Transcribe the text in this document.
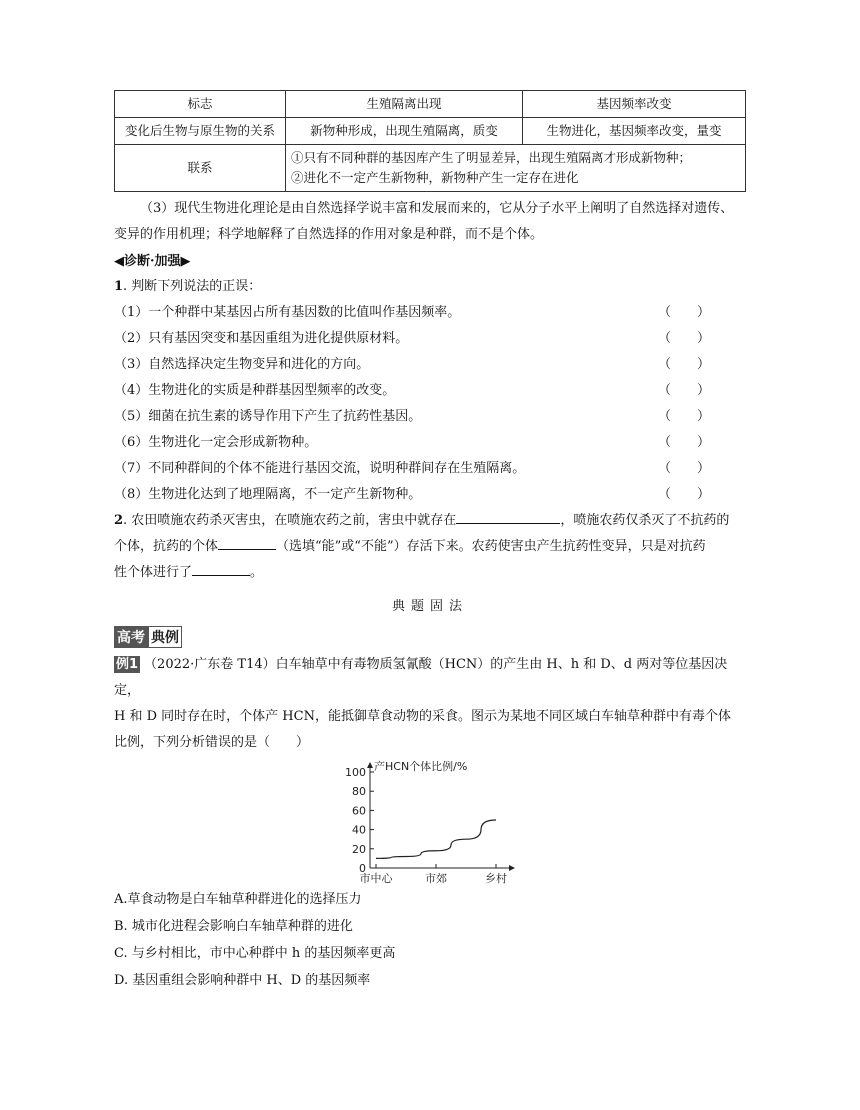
标志	生殖隔离出现	基因频率改变
变化后生物与原生物的关系	新物种形成，出现生殖隔离，质变	生物进化，基因频率改变，量变
联系	①只有不同种群的基因库产生了明显差异，出现生殖隔离才形成新物种；
②进化不一定产生新物种，新物种产生一定存在进化	

（3）现代生物进化理论是由自然选择学说丰富和发展而来的，它从分子水平上阐明了自然选择对遗传、变异的作用机理；科学地解释了自然选择的作用对象是种群，而不是个体。

◀诊断·加强▶

1. 判断下列说法的正误：

（1）一个种群中某基因占所有基因数的比值叫作基因频率。	（　　）

（2）只有基因突变和基因重组为进化提供原材料。	（　　）

（3）自然选择决定生物变异和进化的方向。	（　　）

（4）生物进化的实质是种群基因型频率的改变。	（　　）

（5）细菌在抗生素的诱导作用下产生了抗药性基因。	（　　）

（6）生物进化一定会形成新物种。	（　　）

（7）不同种群间的个体不能进行基因交流，说明种群间存在生殖隔离。	（　　）

（8）生物进化达到了地理隔离，不一定产生新物种。	（　　）

2. 农田喷施农药杀灭害虫，在喷施农药之前，害虫中就存在	，喷施农药仅杀灭了不抗药的

个体，抗药的个体	（选填“能”或“不能”）存活下来。农药使害虫产生抗药性变异，只是对抗药

性个体进行了	。

典题固法

高考 典例

例1 （2022·广东卷 T14）白车轴草中有毒物质氢氰酸（HCN）的产生由 H、h 和 D、d 两对等位基因决定，

H 和 D 同时存在时，个体产 HCN，能抵御草食动物的采食。图示为某地不同区域白车轴草种群中有毒个体

比例，下列分析错误的是（　　）

0
20
40
60
80
100 产HCN个体比例/%
市中心	市郊	乡村

A.草食动物是白车轴草种群进化的选择压力

B. 城市化进程会影响白车轴草种群的进化

C. 与乡村相比，市中心种群中 h 的基因频率更高

D. 基因重组会影响种群中 H、D 的基因频率
